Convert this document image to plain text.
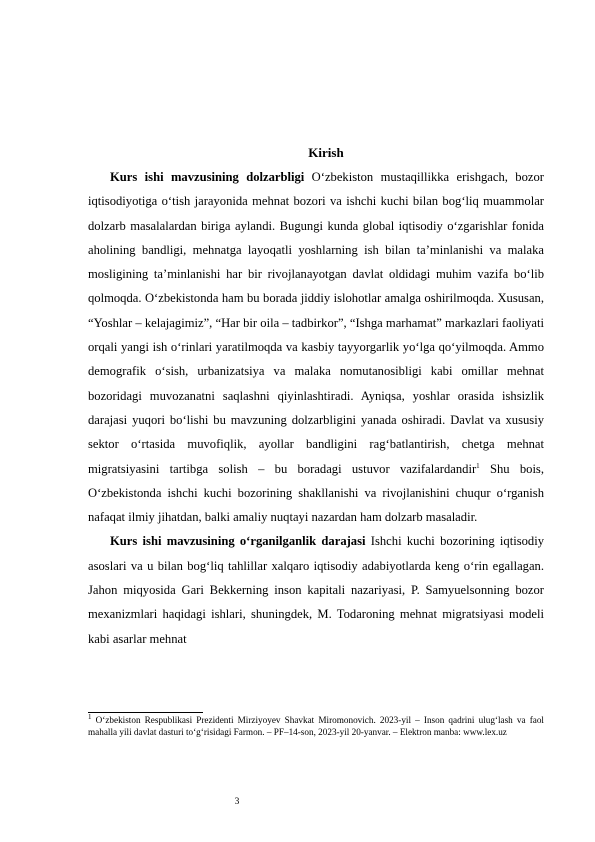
Kirish

Kurs ishi mavzusining dolzarbligi O‘zbekiston mustaqillikka erishgach, bozor iqtisodiyotiga o‘tish jarayonida mehnat bozori va ishchi kuchi bilan bog‘liq muammolar dolzarb masalalardan biriga aylandi. Bugungi kunda global iqtisodiy o‘zgarishlar fonida aholining bandligi, mehnatga layoqatli yoshlarning ish bilan ta’minlanishi va malaka mosligining ta’minlanishi har bir rivojlanayotgan davlat oldidagi muhim vazifa bo‘lib qolmoqda. O‘zbekistonda ham bu borada jiddiy islohotlar amalga oshirilmoqda. Xususan, “Yoshlar – kelajagimiz”, “Har bir oila – tadbirkor”, “Ishga marhamat” markazlari faoliyati orqali yangi ish o‘rinlari yaratilmoqda va kasbiy tayyorgarlik yo‘lga qo‘yilmoqda. Ammo demografik o‘sish, urbanizatsiya va malaka nomutanosibligi kabi omillar mehnat bozoridagi muvozanatni saqlashni qiyinlashtiradi. Ayniqsa, yoshlar orasida ishsizlik darajasi yuqori bo‘lishi bu mavzuning dolzarbligini yanada oshiradi. Davlat va xususiy sektor o‘rtasida muvofiqlik, ayollar bandligini rag‘batlantirish, chetga mehnat migratsiyasini tartibga solish – bu boradagi ustuvor vazifalardandir$^1$ Shu bois, O‘zbekistonda ishchi kuchi bozorining shakllanishi va rivojlanishini chuqur o‘rganish nafaqat ilmiy jihatdan, balki amaliy nuqtayi nazardan ham dolzarb masaladir.

Kurs ishi mavzusining o‘rganilganlik darajasi Ishchi kuchi bozorining iqtisodiy asoslari va u bilan bog‘liq tahlillar xalqaro iqtisodiy adabiyotlarda keng o‘rin egallagan. Jahon miqyosida Gari Bekkerning inson kapitali nazariyasi, P. Samyuelsonning bozor mexanizmlari haqidagi ishlari, shuningdek, M. Todaroning mehnat migratsiyasi modeli kabi asarlar mehnat

$^1$ O‘zbekiston Respublikasi Prezidenti Mirziyoyev Shavkat Miromonovich. 2023-yil – Inson qadrini ulug‘lash va faol mahalla yili davlat dasturi to‘g‘risidagi Farmon. – PF–14-son, 2023-yil 20-yanvar. – Elektron manba: www.lex.uz
3
